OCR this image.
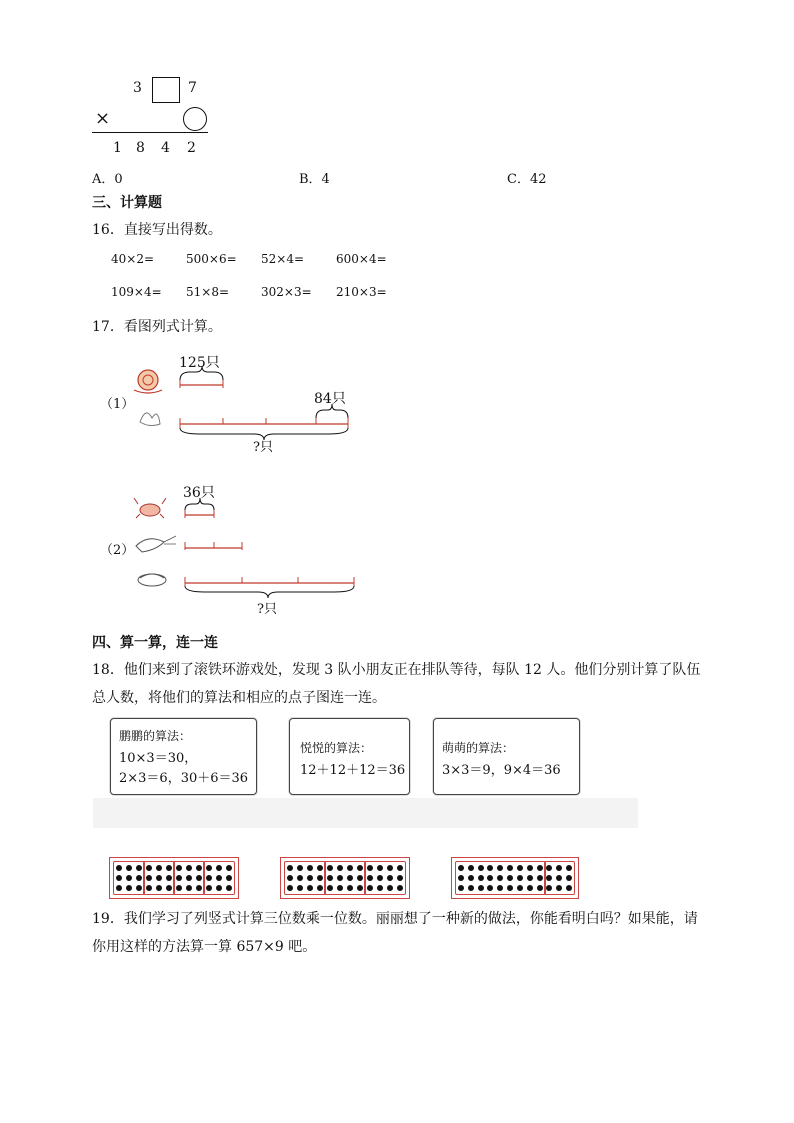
3	7
×
1 8 4 2
A．0	B．4	C．42
三、计算题
16．直接写出得数。
40×2=	500×6= 52×4=	600×4=
109×4= 51×8=	302×3= 210×3=
17．看图列式计算。
（1）
125只
84只
?只
（2）
36只
?只
四、算一算，连一连
18．他们来到了滚铁环游戏处，发现 3 队小朋友正在排队等待，每队 12 人。他们分别计算了队伍
总人数，将他们的算法和相应的点子图连一连。
鹏鹏的算法：
10×3＝30，
2×3＝6，30＋6＝36
悦悦的算法：
12＋12＋12＝36
萌萌的算法：
3×3＝9，9×4＝36
19．我们学习了列竖式计算三位数乘一位数。丽丽想了一种新的做法，你能看明白吗？如果能，请
你用这样的方法算一算 657×9 吧。
